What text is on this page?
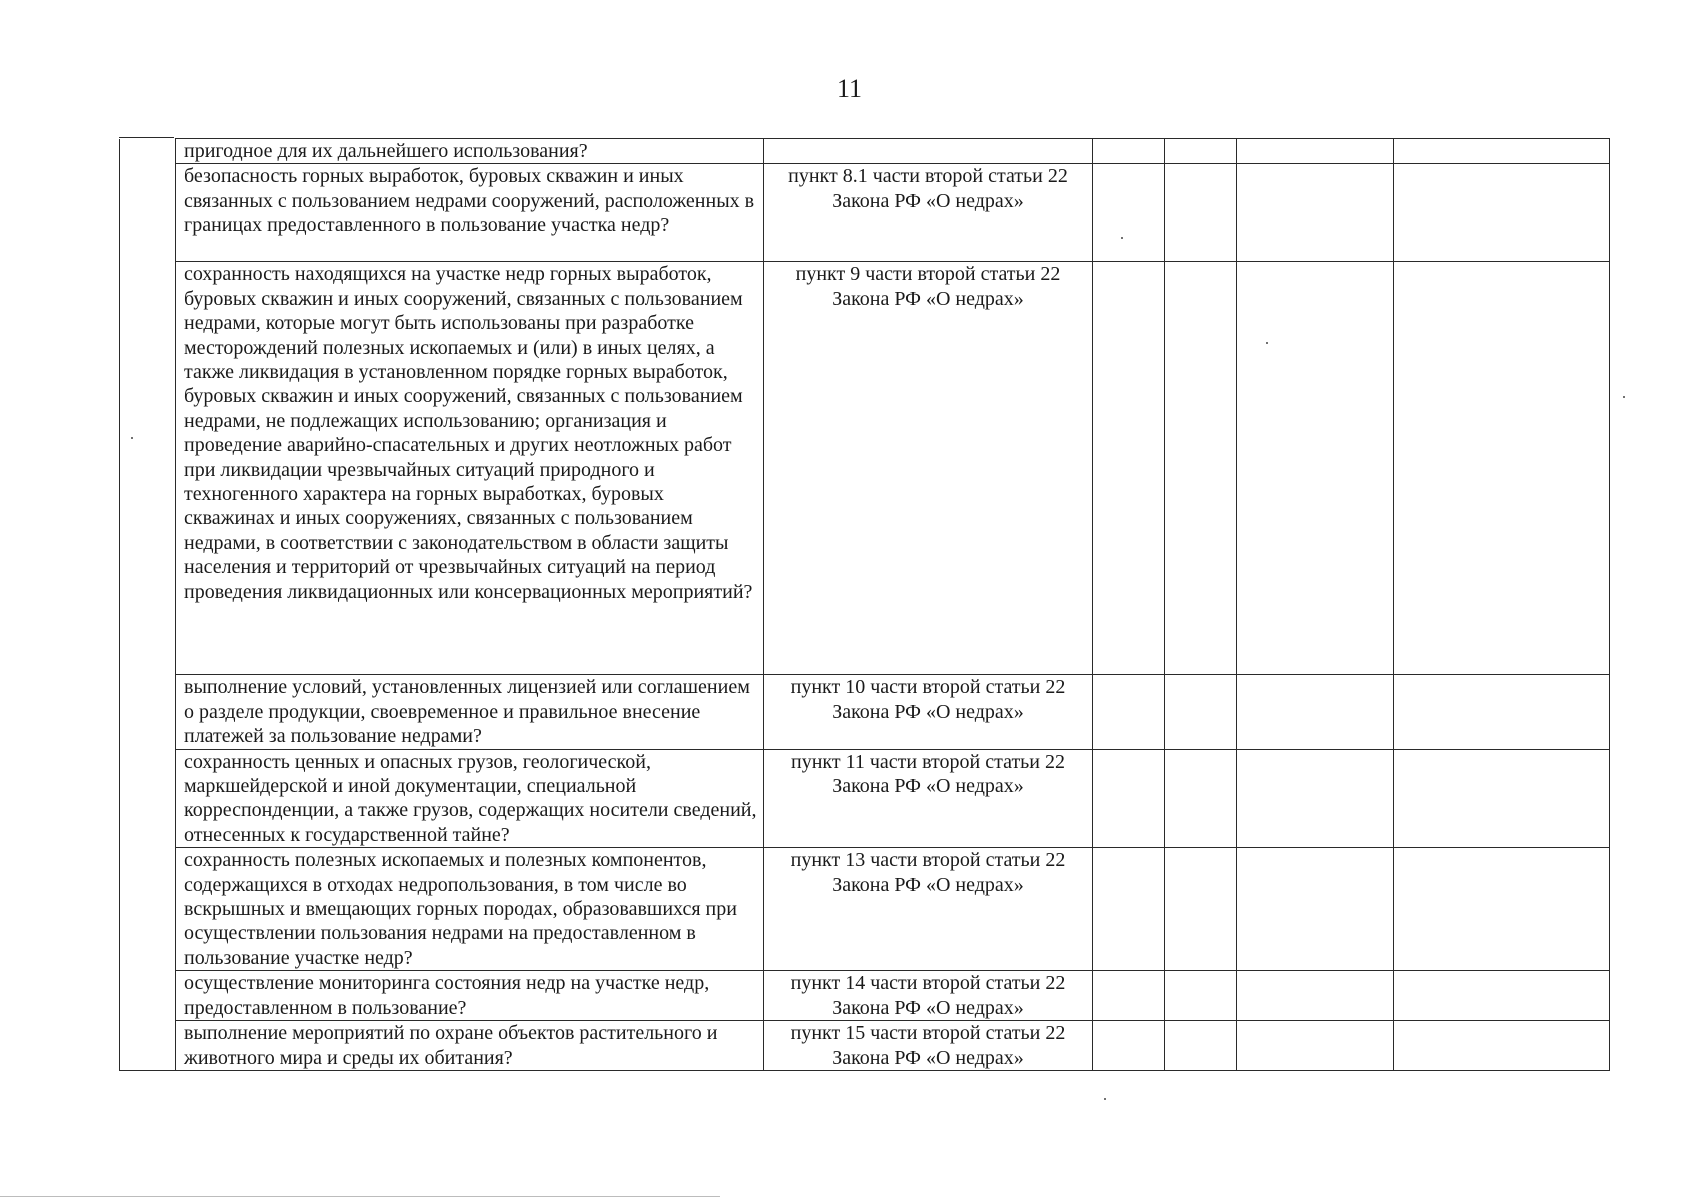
11
	пригодное для их дальнейшего использования?					
	безопасность горных выработок, буровых скважин и иных связанных с пользованием недрами сооружений, расположенных в границах предоставленного в пользование участка недр?	пункт 8.1 части второй статьи 22 Закона РФ «О недрах»				
	сохранность находящихся на участке недр горных выработок, буровых скважин и иных сооружений, связанных с пользованием недрами, которые могут быть использованы при разработке месторождений полезных ископаемых и (или) в иных целях, а также ликвидация в установленном порядке горных выработок, буровых скважин и иных сооружений, связанных с пользованием недрами, не подлежащих использованию; организация и проведение аварийно-спасательных и других неотложных работ при ликвидации чрезвычайных ситуаций природного и техногенного характера на горных выработках, буровых скважинах и иных сооружениях, связанных с пользованием недрами, в соответствии с законодательством в области защиты населения и территорий от чрезвычайных ситуаций на период проведения ликвидационных или консервационных мероприятий?	пункт 9 части второй статьи 22 Закона РФ «О недрах»				
	выполнение условий, установленных лицензией или соглашением о разделе продукции, своевременное и правильное внесение платежей за пользование недрами?	пункт 10 части второй статьи 22 Закона РФ «О недрах»				
	сохранность ценных и опасных грузов, геологической, маркшейдерской и иной документации, специальной корреспонденции, а также грузов, содержащих носители сведений, отнесенных к государственной тайне?	пункт 11 части второй статьи 22 Закона РФ «О недрах»				
	сохранность полезных ископаемых и полезных компонентов, содержащихся в отходах недропользования, в том числе во вскрышных и вмещающих горных породах, образовавшихся при осуществлении пользования недрами на предоставленном в пользование участке недр?	пункт 13 части второй статьи 22 Закона РФ «О недрах»				
	осуществление мониторинга состояния недр на участке недр, предоставленном в пользование?	пункт 14 части второй статьи 22 Закона РФ «О недрах»				
	выполнение мероприятий по охране объектов растительного и животного мира и среды их обитания?	пункт 15 части второй статьи 22 Закона РФ «О недрах»				
